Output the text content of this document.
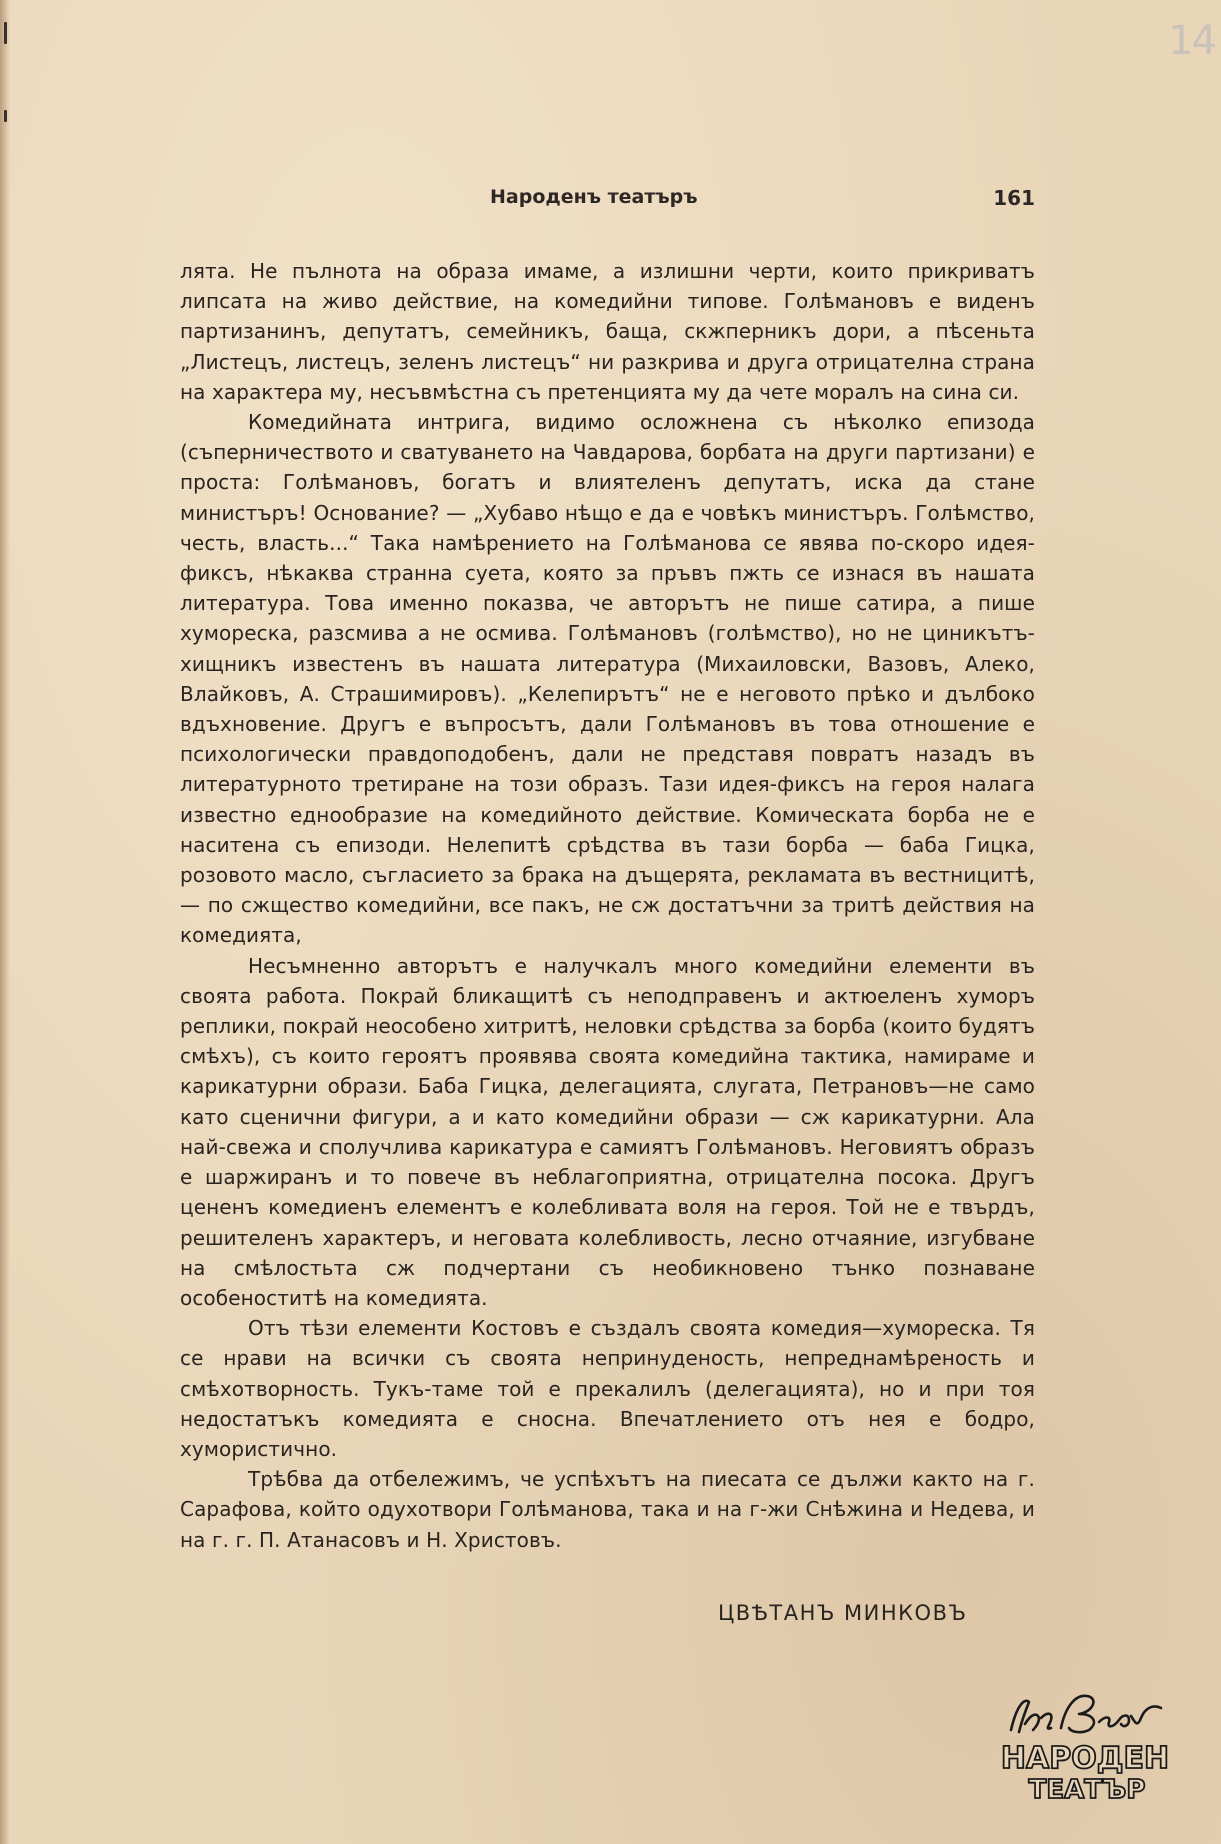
14
Народенъ театъръ	161

лята. Не пълнота на образа имаме, а излишни черти, които прикриватъ липсата на живо действие, на комедийни типове. Голѣмановъ е виденъ партизанинъ, депутатъ, семейникъ, баща, скжперникъ дори, а пѣсеньта „Листецъ, листецъ, зеленъ листецъ“ ни разкрива и друга отрицателна страна на характера му, несъвмѣстна съ претенцията му да чете моралъ на сина си.

Комедийната интрига, видимо осложнена съ нѣколко епизода (съперничеството и сватуването на Чавдарова, борбата на други партизани) е проста: Голѣмановъ, богатъ и влиятеленъ депутатъ, иска да стане министъръ! Основание? — „Хубаво нѣщо е да е човѣкъ министъръ. Голѣмство, честь, власть...“ Така намѣрението на Голѣманова се явява по-скоро идея-фиксъ, нѣкаква странна суета, която за пръвъ пжть се изнася въ нашата литература. Това именно показва, че авторътъ не пише сатира, а пише хумореска, разсмива а не осмива. Голѣмановъ (голѣмство), но не циникътъ-хищникъ известенъ въ нашата литература (Михаиловски, Вазовъ, Алеко, Влайковъ, А. Страшимировъ). „Келепирътъ“ не е неговото прѣко и дълбоко вдъхновение. Другъ е въпросътъ, дали Голѣмановъ въ това отношение е психологически правдоподобенъ, дали не представя повратъ назадъ въ литературното третиране на този образъ. Тази идея-фиксъ на героя налага известно еднообразие на комедийното действие. Комическата борба не е наситена съ епизоди. Нелепитѣ срѣдства въ тази борба — баба Гицка, розовото масло, съгласието за брака на дъщерята, рекламата въ вестницитѣ, — по сжщество комедийни, все пакъ, не сж достатъчни за тритѣ действия на комедията,

Несъмненно авторътъ е налучкалъ много комедийни елементи въ своята работа. Покрай бликащитѣ съ неподправенъ и актюеленъ хуморъ реплики, покрай неособено хитритѣ, неловки срѣдства за борба (които будятъ смѣхъ), съ които героятъ проявява своята комедийна тактика, намираме и карикатурни образи. Баба Гицка, делегацията, слугата, Петрановъ—не само като сценични фигури, а и като комедийни образи — сж карикатурни. Ала най-свежа и сполучлива карикатура е самиятъ Голѣмановъ. Неговиятъ образъ е шаржиранъ и то повече въ неблагоприятна, отрицателна посока. Другъ цененъ комедиенъ елементъ е колебливата воля на героя. Той не е твърдъ, решителенъ характеръ, и неговата колебливость, лесно отчаяние, изгубване на смѣлостьта сж подчертани съ необикновено тънко познаване особеноститѣ на комедията.

Отъ тѣзи елементи Костовъ е създалъ своята комедия—хумореска. Тя се нрави на всички съ своята непринуденость, непреднамѣреность и смѣхотворность. Тукъ-таме той е прекалилъ (делегацията), но и при тоя недостатъкъ комедията е сносна. Впечатлението отъ нея е бодро, хумористично.

Трѣбва да отбележимъ, че успѣхътъ на пиесата се дължи както на г. Сарафова, който одухотвори Голѣманова, така и на г-жи Снѣжина и Недева, и на г. г. П. Атанасовъ и Н. Христовъ.

ЦВѢТАНЪ МИНКОВЪ
НАРОДЕН
ТЕАТЪР
